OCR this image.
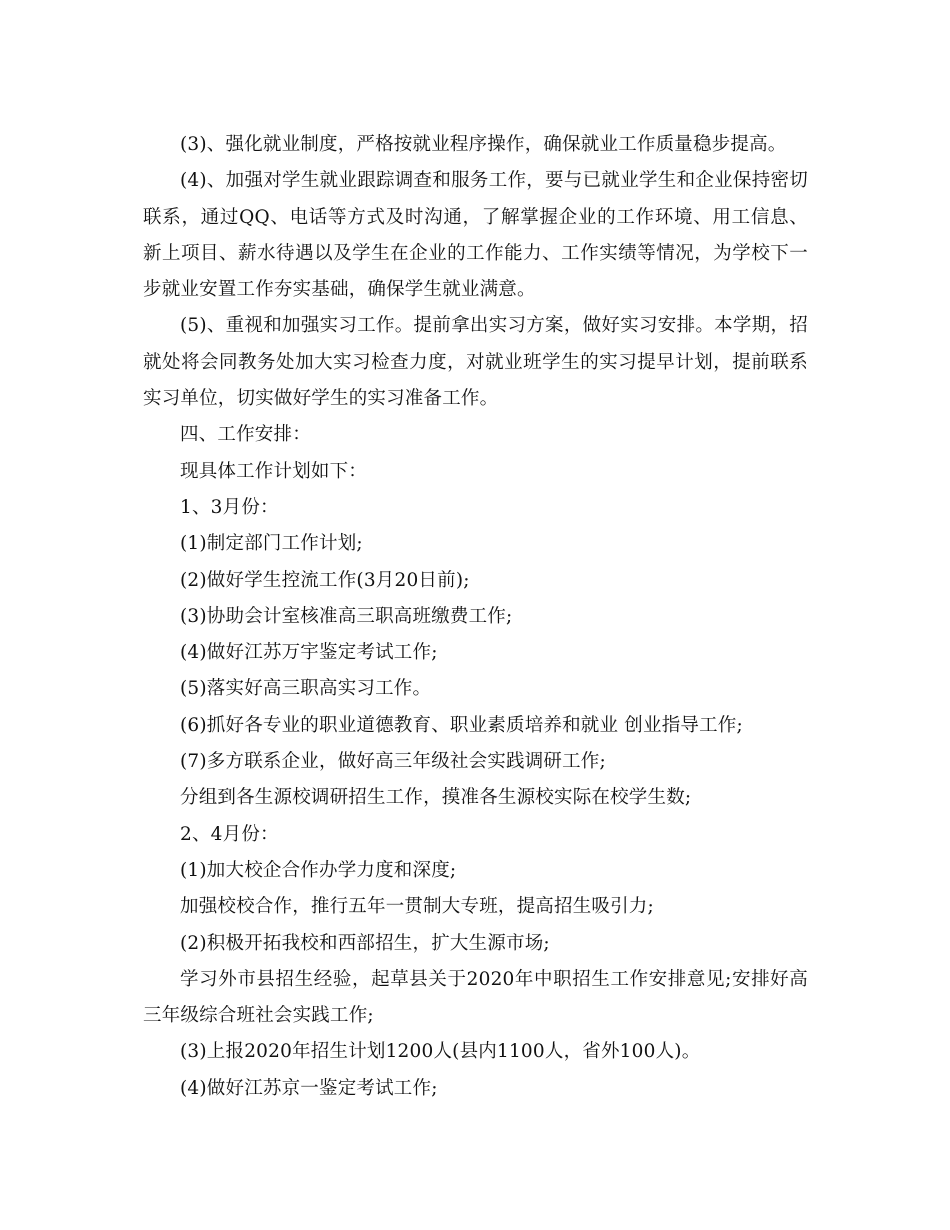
(3)、强化就业制度，严格按就业程序操作，确保就业工作质量稳步提高。

(4)、加强对学生就业跟踪调查和服务工作，要与已就业学生和企业保持密切联系，通过QQ、电话等方式及时沟通，了解掌握企业的工作环境、用工信息、新上项目、薪水待遇以及学生在企业的工作能力、工作实绩等情况，为学校下一步就业安置工作夯实基础，确保学生就业满意。

(5)、重视和加强实习工作。提前拿出实习方案，做好实习安排。本学期，招就处将会同教务处加大实习检查力度，对就业班学生的实习提早计划，提前联系实习单位，切实做好学生的实习准备工作。

四、工作安排：

现具体工作计划如下：

1、3月份：

(1)制定部门工作计划;

(2)做好学生控流工作(3月20日前);

(3)协助会计室核准高三职高班缴费工作;

(4)做好江苏万宇鉴定考试工作;

(5)落实好高三职高实习工作。

(6)抓好各专业的职业道德教育、职业素质培养和就业 创业指导工作;

(7)多方联系企业，做好高三年级社会实践调研工作;

分组到各生源校调研招生工作，摸准各生源校实际在校学生数;

2、4月份：

(1)加大校企合作办学力度和深度;

加强校校合作，推行五年一贯制大专班，提高招生吸引力;

(2)积极开拓我校和西部招生，扩大生源市场;

学习外市县招生经验，起草县关于2020年中职招生工作安排意见;安排好高三年级综合班社会实践工作;

(3)上报2020年招生计划1200人(县内1100人，省外100人)。

(4)做好江苏京一鉴定考试工作;
